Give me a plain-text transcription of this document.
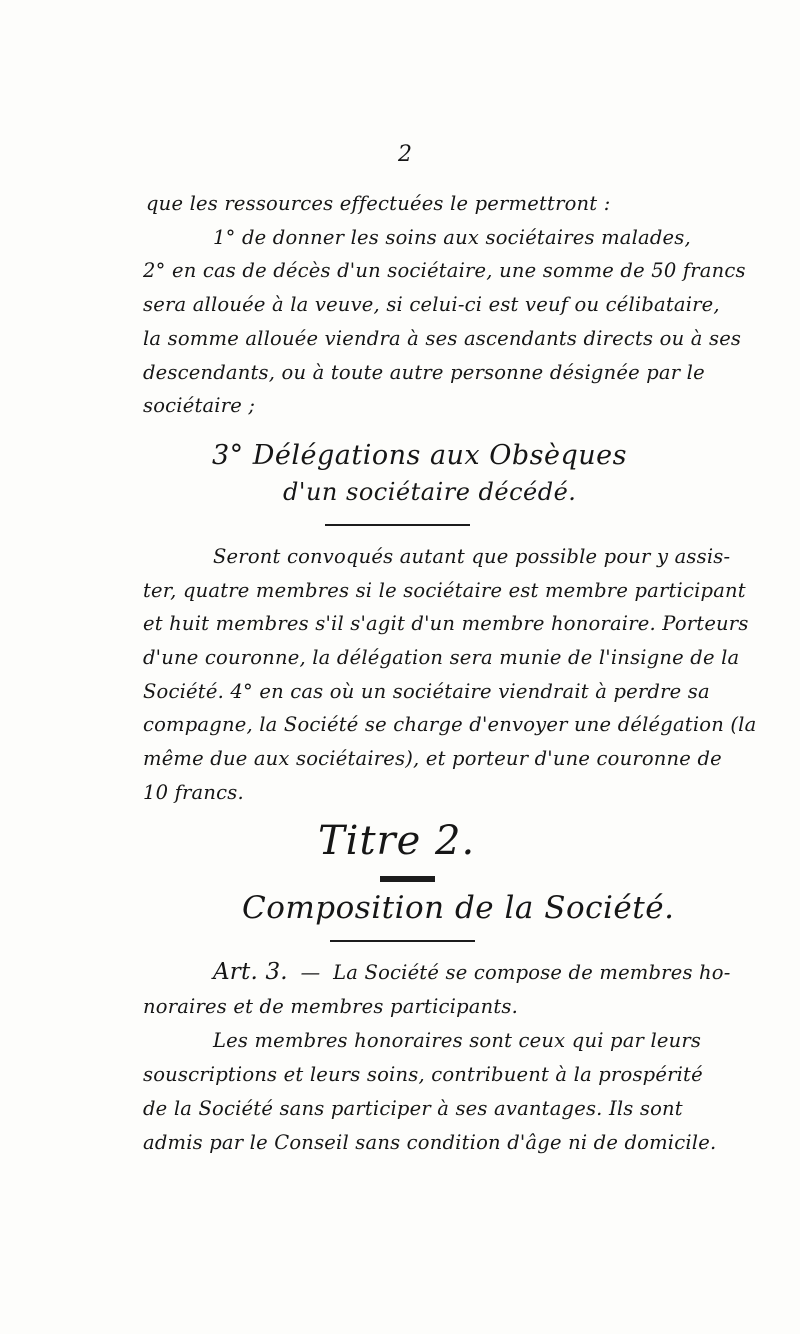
2
que les ressources effectuées le permettront :
1° de donner les soins aux sociétaires malades,
2° en cas de décès d'un sociétaire, une somme de 50 francs
sera allouée à la veuve, si celui-ci est veuf ou célibataire,
la somme allouée viendra à ses ascendants directs ou à ses
descendants, ou à toute autre personne désignée par le
sociétaire ;
3° Délégations aux Obsèques
d'un sociétaire décédé.
Seront convoqués autant que possible pour y assis-
ter, quatre membres si le sociétaire est membre participant
et huit membres s'il s'agit d'un membre honoraire. Porteurs
d'une couronne, la délégation sera munie de l'insigne de la
Société. 4° en cas où un sociétaire viendrait à perdre sa
compagne, la Société se charge d'envoyer une délégation (la
même due aux sociétaires), et porteur d'une couronne de
10 francs.
Titre 2.
Composition de la Société.
Art. 3.  —  La Société se compose de membres ho-
noraires et de membres participants.
Les membres honoraires sont ceux qui par leurs
souscriptions et leurs soins, contribuent à la prospérité
de la Société sans participer à ses avantages. Ils sont
admis par le Conseil sans condition d'âge ni de domicile.
